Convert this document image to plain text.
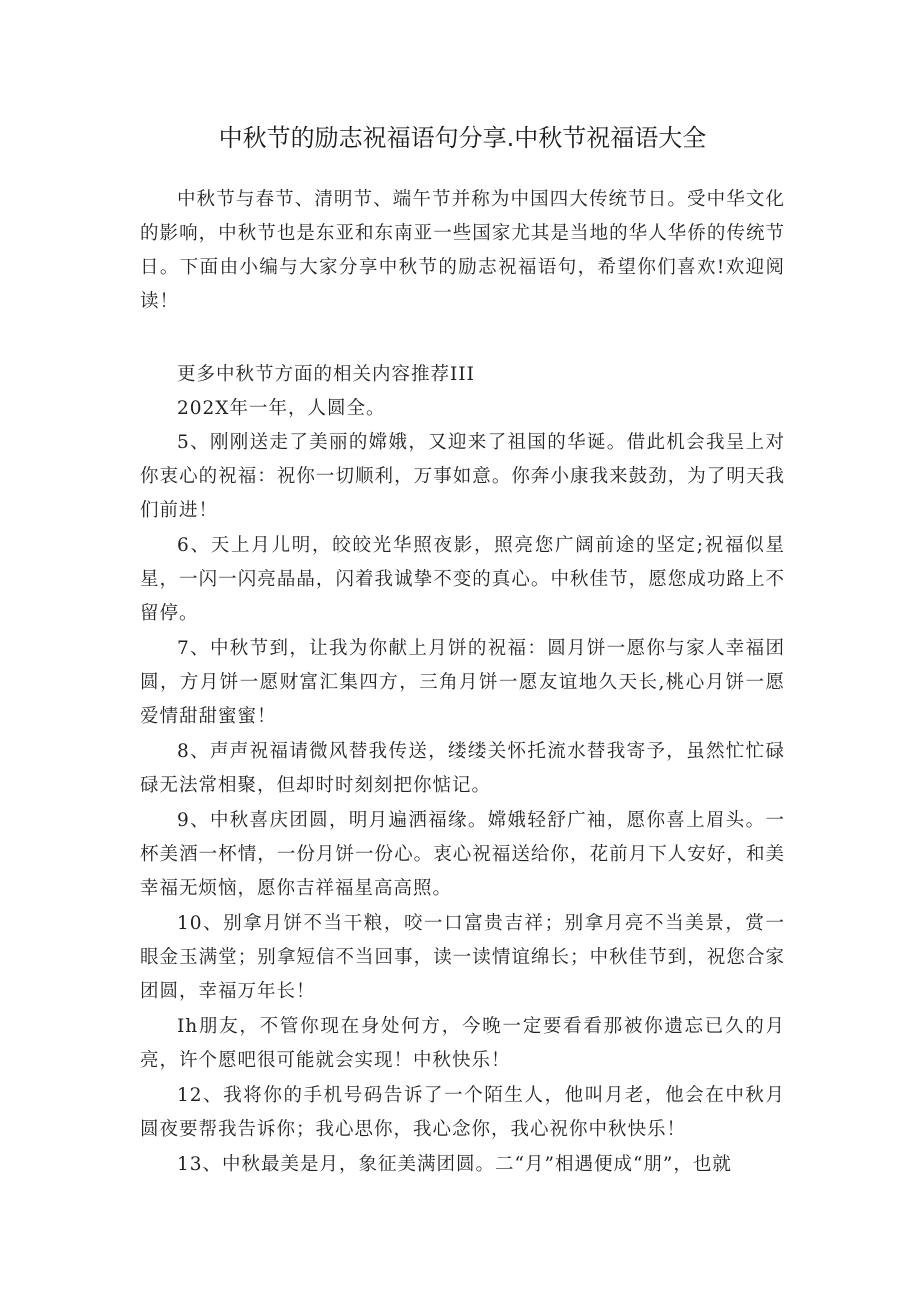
中秋节的励志祝福语句分享.中秋节祝福语大全
中秋节与春节、清明节、端午节并称为中国四大传统节日。受中华文化的影响，中秋节也是东亚和东南亚一些国家尤其是当地的华人华侨的传统节日。下面由小编与大家分享中秋节的励志祝福语句，希望你们喜欢!欢迎阅读！
更多中秋节方面的相关内容推荐III
202X年一年，人圆全。
5、刚刚送走了美丽的嫦娥，又迎来了祖国的华诞。借此机会我呈上对你衷心的祝福：祝你一切顺利，万事如意。你奔小康我来鼓劲，为了明天我们前进！
6、天上月儿明，皎皎光华照夜影，照亮您广阔前途的坚定;祝福似星星，一闪一闪亮晶晶，闪着我诚挚不变的真心。中秋佳节，愿您成功路上不留停。
7、中秋节到，让我为你献上月饼的祝福：圆月饼一愿你与家人幸福团圆，方月饼一愿财富汇集四方，三角月饼一愿友谊地久天长,桃心月饼一愿爱情甜甜蜜蜜！
8、声声祝福请微风替我传送，缕缕关怀托流水替我寄予，虽然忙忙碌碌无法常相聚，但却时时刻刻把你惦记。
9、中秋喜庆团圆，明月遍洒福缘。嫦娥轻舒广袖，愿你喜上眉头。一杯美酒一杯情，一份月饼一份心。衷心祝福送给你，花前月下人安好，和美幸福无烦恼，愿你吉祥福星高高照。
10、别拿月饼不当干粮，咬一口富贵吉祥；别拿月亮不当美景，赏一眼金玉满堂；别拿短信不当回事，读一读情谊绵长；中秋佳节到，祝您合家团圆，幸福万年长！
Ih朋友，不管你现在身处何方，今晚一定要看看那被你遗忘已久的月亮，许个愿吧很可能就会实现！中秋快乐！
12、我将你的手机号码告诉了一个陌生人，他叫月老，他会在中秋月圆夜要帮我告诉你；我心思你，我心念你，我心祝你中秋快乐！
13、中秋最美是月，象征美满团圆。二“月”相遇便成“朋”，也就
